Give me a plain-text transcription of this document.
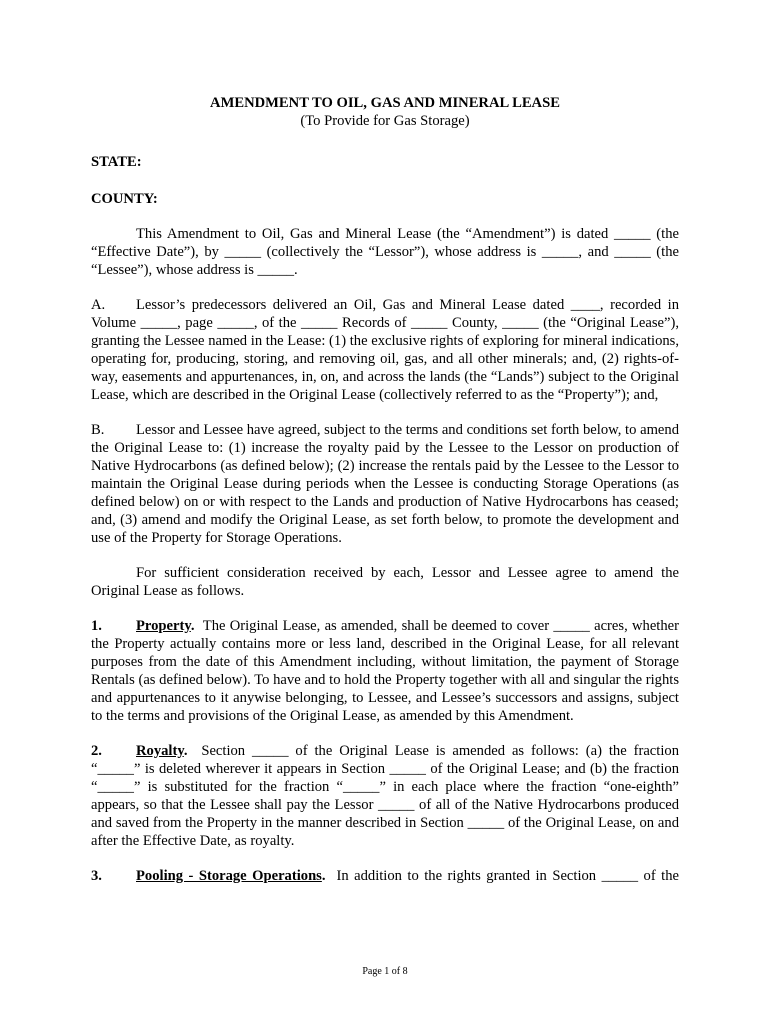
AMENDMENT TO OIL, GAS AND MINERAL LEASE
(To Provide for Gas Storage)
STATE:
COUNTY:

This Amendment to Oil, Gas and Mineral Lease (the “Amendment”) is dated _____ (the “Effective Date”), by _____ (collectively the “Lessor”), whose address is _____, and _____ (the “Lessee”), whose address is _____.

A. Lessor’s predecessors delivered an Oil, Gas and Mineral Lease dated ____, recorded in Volume _____, page _____, of the _____ Records of _____ County, _____ (the “Original Lease”), granting the Lessee named in the Lease: (1) the exclusive rights of exploring for mineral indications, operating for, producing, storing, and removing oil, gas, and all other minerals; and, (2) rights-of-way, easements and appurtenances, in, on, and across the lands (the “Lands”) subject to the Original Lease, which are described in the Original Lease (collectively referred to as the “Property”); and,

B. Lessor and Lessee have agreed, subject to the terms and conditions set forth below, to amend the Original Lease to: (1) increase the royalty paid by the Lessee to the Lessor on production of Native Hydrocarbons (as defined below); (2) increase the rentals paid by the Lessee to the Lessor to maintain the Original Lease during periods when the Lessee is conducting Storage Operations (as defined below) on or with respect to the Lands and production of Native Hydrocarbons has ceased; and, (3) amend and modify the Original Lease, as set forth below, to promote the development and use of the Property for Storage Operations.

For sufficient consideration received by each, Lessor and Lessee agree to amend the Original Lease as follows.

1. Property. The Original Lease, as amended, shall be deemed to cover _____ acres, whether the Property actually contains more or less land, described in the Original Lease, for all relevant purposes from the date of this Amendment including, without limitation, the payment of Storage Rentals (as defined below). To have and to hold the Property together with all and singular the rights and appurtenances to it anywise belonging, to Lessee, and Lessee’s successors and assigns, subject to the terms and provisions of the Original Lease, as amended by this Amendment.

2. Royalty. Section _____ of the Original Lease is amended as follows: (a) the fraction “_____” is deleted wherever it appears in Section _____ of the Original Lease; and (b) the fraction “_____” is substituted for the fraction “_____” in each place where the fraction “one-eighth” appears, so that the Lessee shall pay the Lessor _____ of all of the Native Hydrocarbons produced and saved from the Property in the manner described in Section _____ of the Original Lease, on and after the Effective Date, as royalty.

3. Pooling - Storage Operations. In addition to the rights granted in Section _____ of the

Page 1 of 8
